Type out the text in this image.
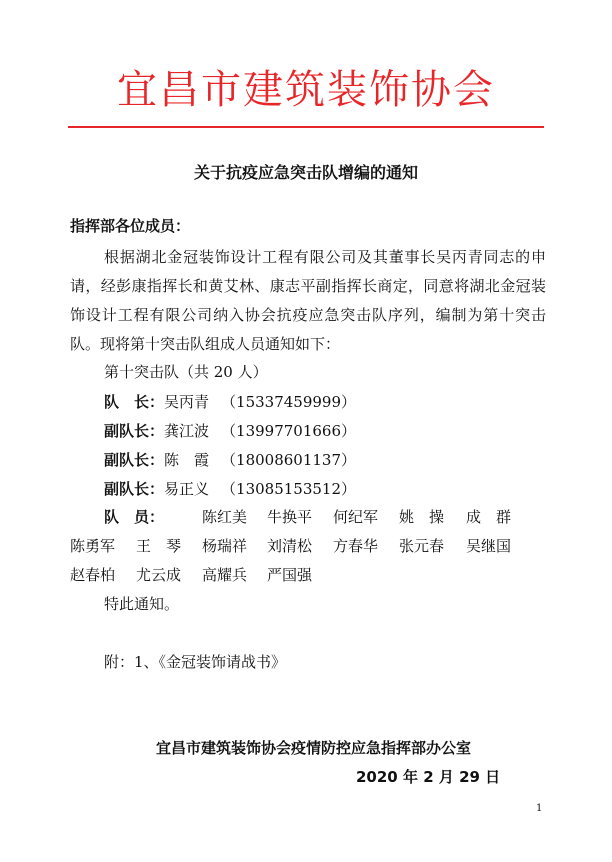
宜昌市建筑装饰协会
关于抗疫应急突击队增编的通知
指挥部各位成员：

根据湖北金冠装饰设计工程有限公司及其董事长吴丙青同志的申请，经彭康指挥长和黄艾林、康志平副指挥长商定，同意将湖北金冠装饰设计工程有限公司纳入协会抗疫应急突击队序列，编制为第十突击队。现将第十突击队组成人员通知如下：

第十突击队（共 20 人）
队　长：吴丙青 （15337459999）
副队长：龚江波 （13997701666）
副队长：陈　霞 （18008601137）
副队长：易正义 （13085153512）
队　员：	陈红美 牛换平 何纪军 姚　操 成　群
陈勇军 王　琴 杨瑞祥 刘清松 方春华 张元春 吴继国
赵春柏 尤云成 高耀兵 严国强
特此通知。
附：1、《金冠装饰请战书》
宜昌市建筑装饰协会疫情防控应急指挥部办公室
2020 年 2 月 29 日
1
